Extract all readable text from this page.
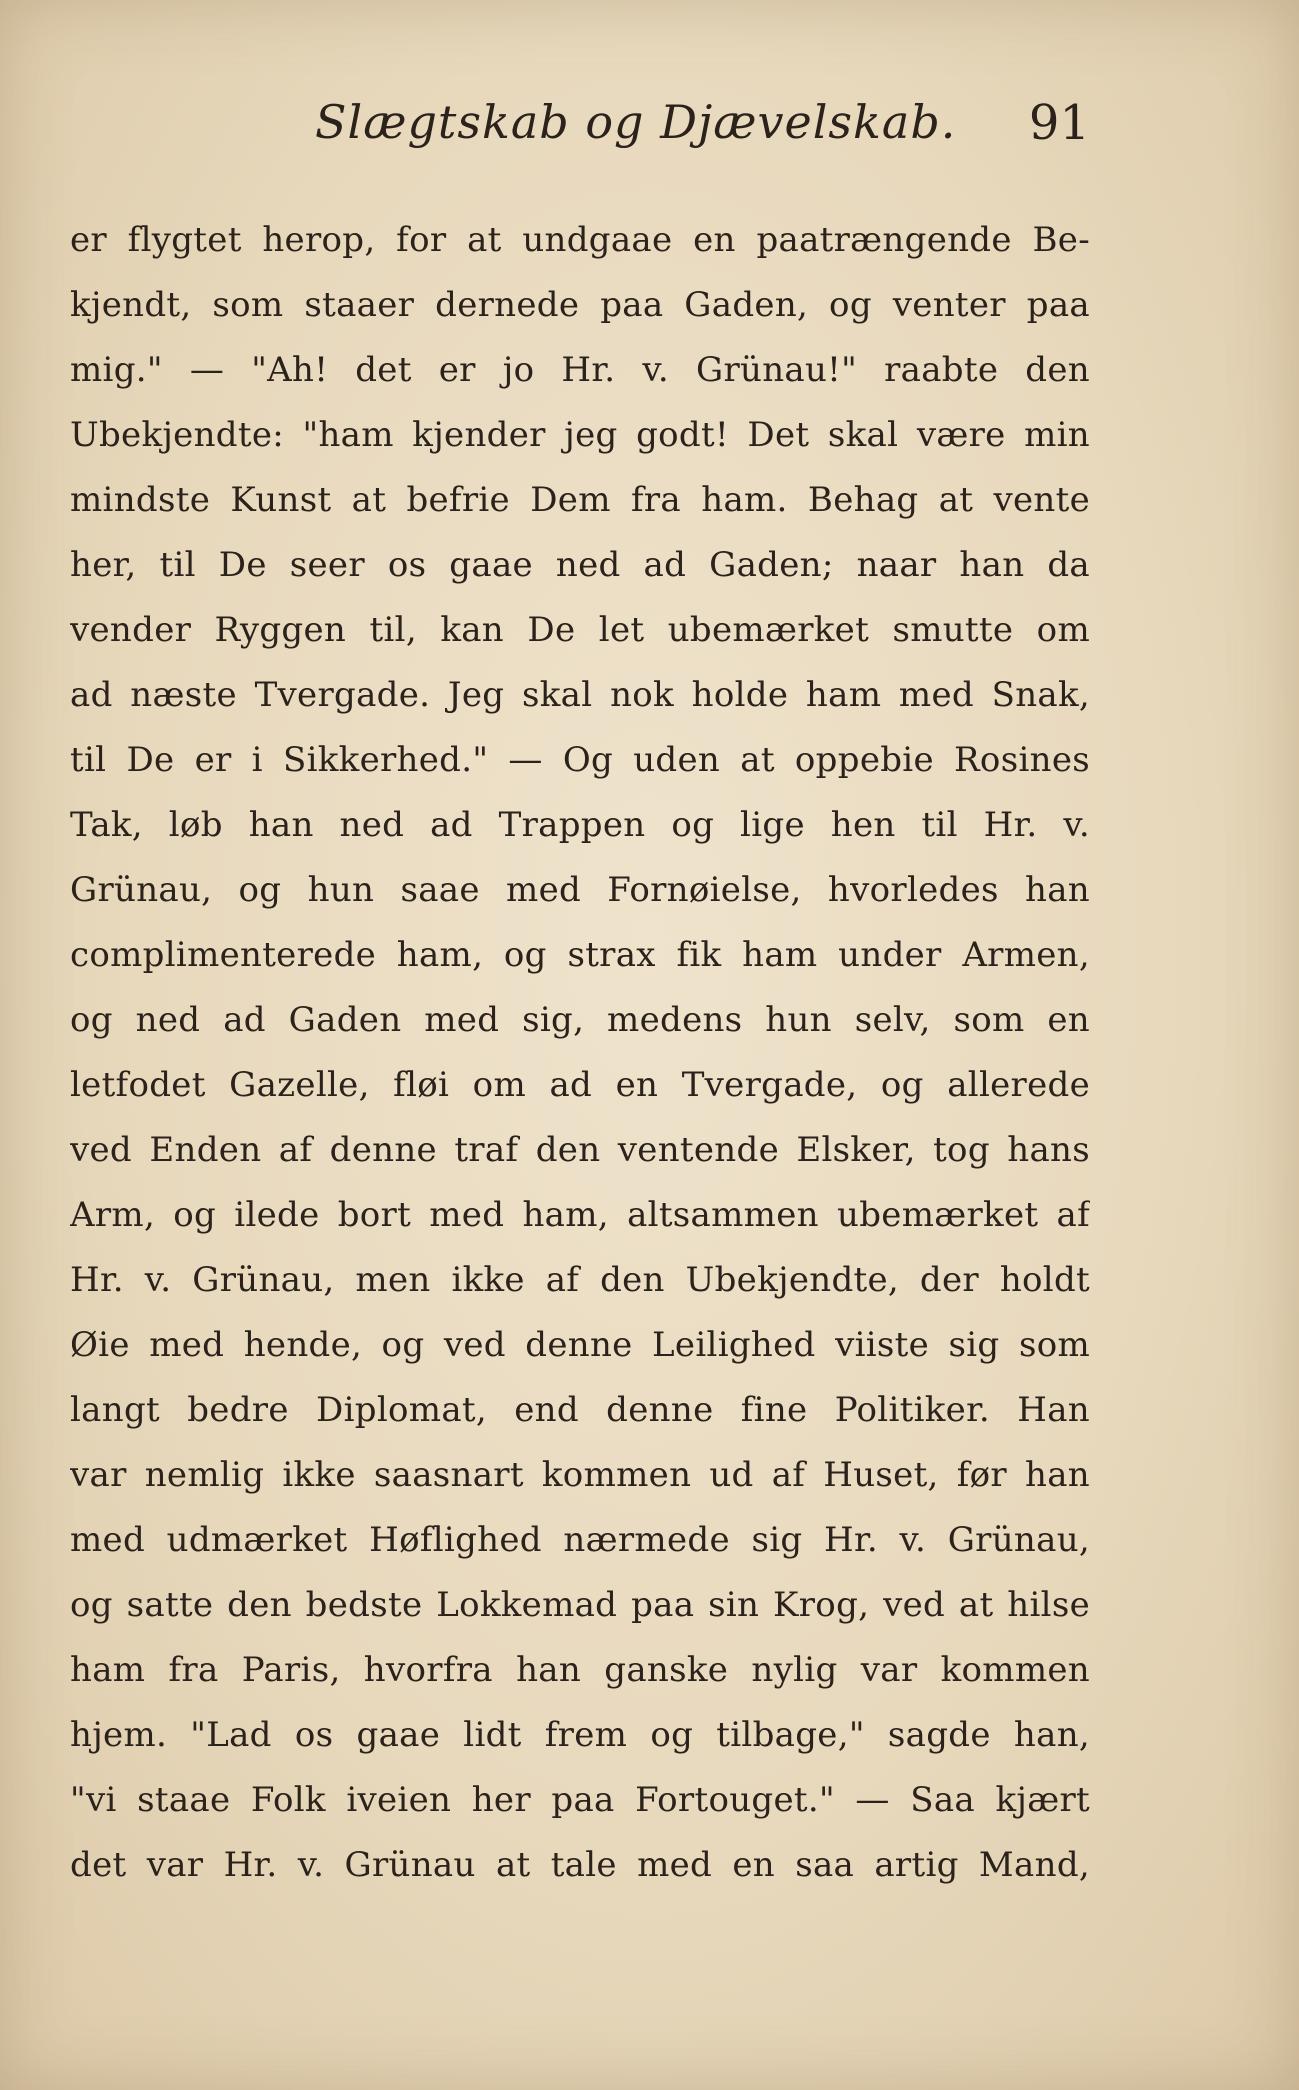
Slægtskab og Djævelskab. 91
er flygtet herop, for at undgaae en paatrængende Be-
kjendt, som staaer dernede paa Gaden, og venter paa
mig." — "Ah! det er jo Hr. v. Grünau!" raabte den
Ubekjendte: "ham kjender jeg godt! Det skal være min
mindste Kunst at befrie Dem fra ham. Behag at vente
her, til De seer os gaae ned ad Gaden; naar han da
vender Ryggen til, kan De let ubemærket smutte om
ad næste Tvergade. Jeg skal nok holde ham med Snak,
til De er i Sikkerhed." — Og uden at oppebie Rosines
Tak, løb han ned ad Trappen og lige hen til Hr. v.
Grünau, og hun saae med Fornøielse, hvorledes han
complimenterede ham, og strax fik ham under Armen,
og ned ad Gaden med sig, medens hun selv, som en
letfodet Gazelle, fløi om ad en Tvergade, og allerede
ved Enden af denne traf den ventende Elsker, tog hans
Arm, og ilede bort med ham, altsammen ubemærket af
Hr. v. Grünau, men ikke af den Ubekjendte, der holdt
Øie med hende, og ved denne Leilighed viiste sig som
langt bedre Diplomat, end denne fine Politiker. Han
var nemlig ikke saasnart kommen ud af Huset, før han
med udmærket Høflighed nærmede sig Hr. v. Grünau,
og satte den bedste Lokkemad paa sin Krog, ved at hilse
ham fra Paris, hvorfra han ganske nylig var kommen
hjem. "Lad os gaae lidt frem og tilbage," sagde han,
"vi staae Folk iveien her paa Fortouget." — Saa kjært
det var Hr. v. Grünau at tale med en saa artig Mand,
